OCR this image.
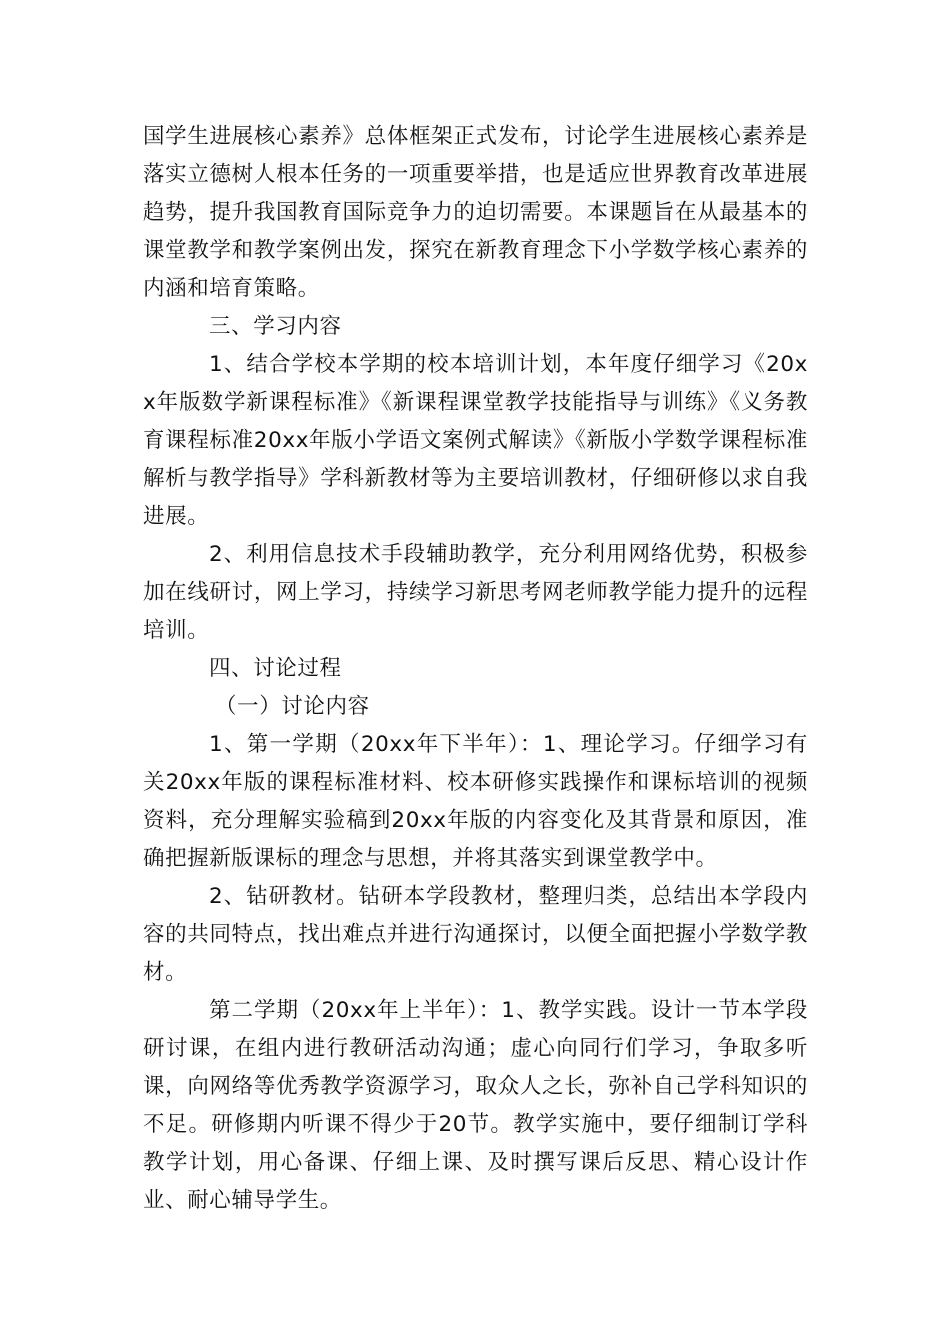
国学生进展核心素养》总体框架正式发布，讨论学生进展核心素养是落实立德树人根本任务的一项重要举措，也是适应世界教育改革进展趋势，提升我国教育国际竞争力的迫切需要。本课题旨在从最基本的课堂教学和教学案例出发，探究在新教育理念下小学数学核心素养的内涵和培育策略。

三、学习内容

1、结合学校本学期的校本培训计划，本年度仔细学习《20xx年版数学新课程标准》《新课程课堂教学技能指导与训练》《义务教育课程标准20xx年版小学语文案例式解读》《新版小学数学课程标准解析与教学指导》学科新教材等为主要培训教材，仔细研修以求自我进展。

2、利用信息技术手段辅助教学，充分利用网络优势，积极参加在线研讨，网上学习，持续学习新思考网老师教学能力提升的远程培训。

四、讨论过程

（一）讨论内容

1、第一学期（20xx年下半年）：1、理论学习。仔细学习有关20xx年版的课程标准材料、校本研修实践操作和课标培训的视频资料，充分理解实验稿到20xx年版的内容变化及其背景和原因，准确把握新版课标的理念与思想，并将其落实到课堂教学中。

2、钻研教材。钻研本学段教材，整理归类，总结出本学段内容的共同特点，找出难点并进行沟通探讨，以便全面把握小学数学教材。

第二学期（20xx年上半年）：1、教学实践。设计一节本学段研讨课，在组内进行教研活动沟通；虚心向同行们学习，争取多听课，向网络等优秀教学资源学习，取众人之长，弥补自己学科知识的不足。研修期内听课不得少于20节。教学实施中，要仔细制订学科教学计划，用心备课、仔细上课、及时撰写课后反思、精心设计作业、耐心辅导学生。
